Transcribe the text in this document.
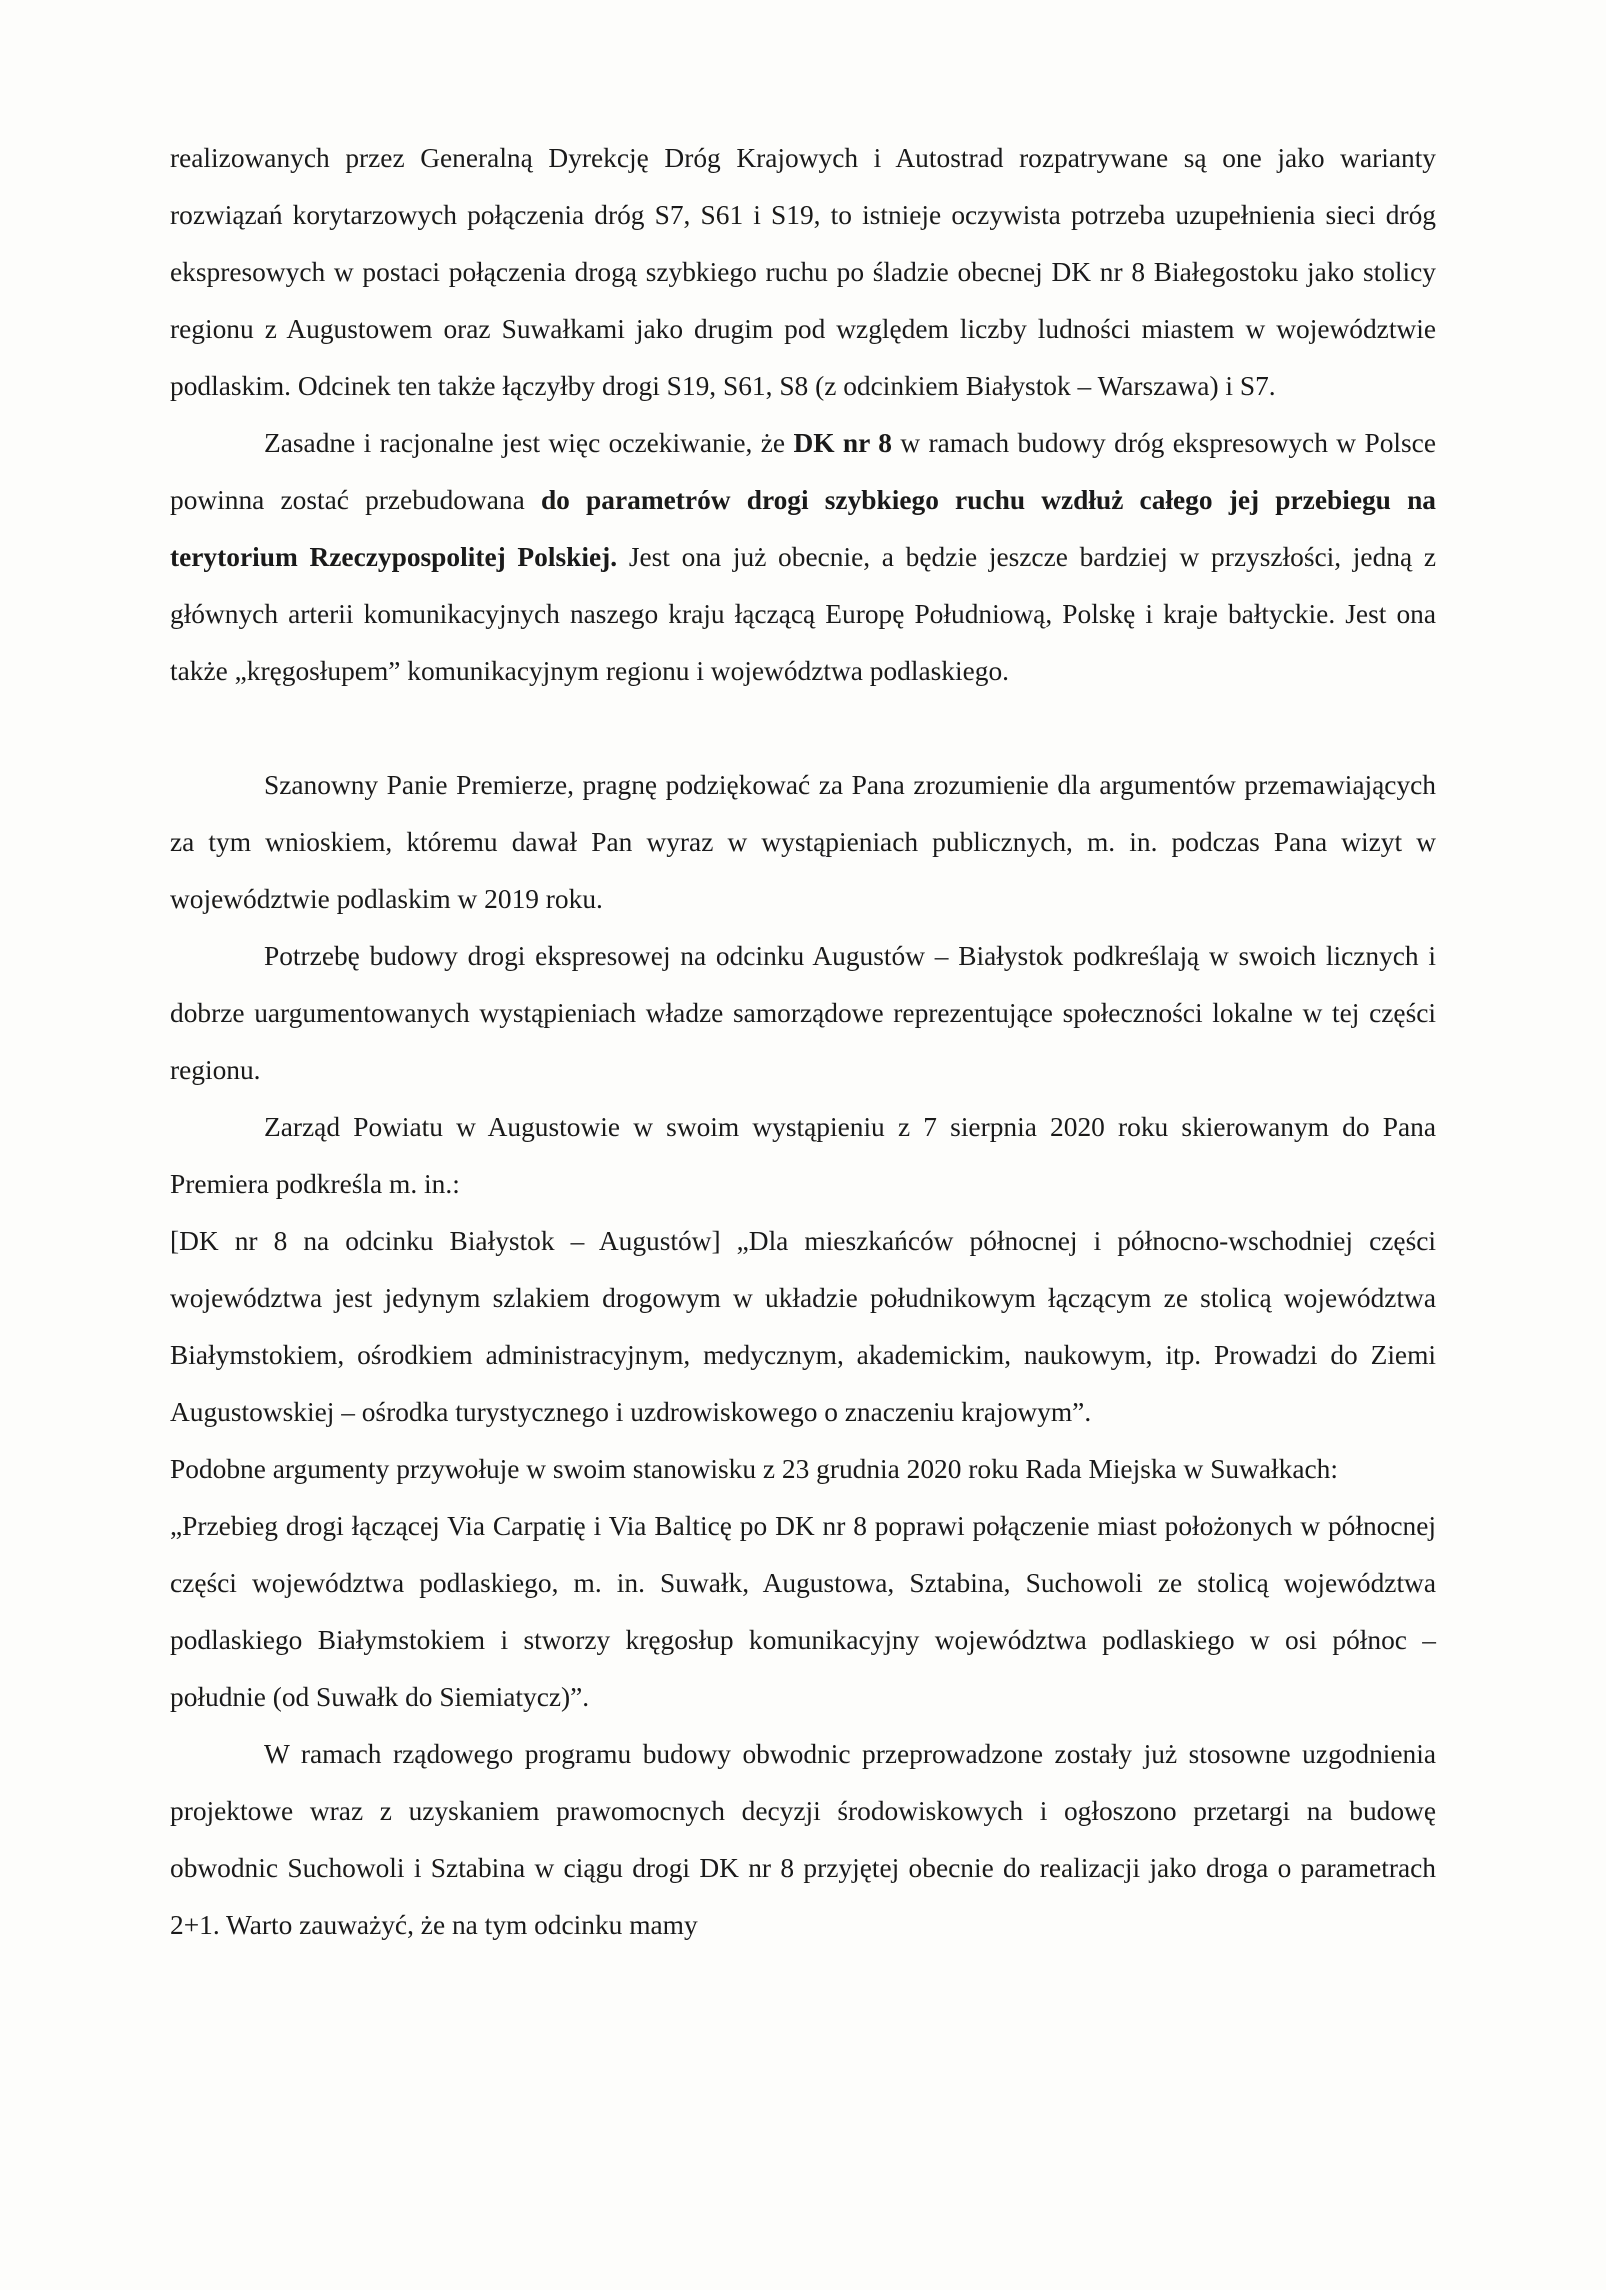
realizowanych przez Generalną Dyrekcję Dróg Krajowych i Autostrad rozpatrywane są one jako warianty rozwiązań korytarzowych połączenia dróg S7, S61 i S19, to istnieje oczywista potrzeba uzupełnienia sieci dróg ekspresowych w postaci połączenia drogą szybkiego ruchu po śladzie obecnej DK nr 8 Białegostoku jako stolicy regionu z Augustowem oraz Suwałkami jako drugim pod względem liczby ludności miastem w województwie podlaskim. Odcinek ten także łączyłby drogi S19, S61, S8 (z odcinkiem Białystok – Warszawa) i S7.

Zasadne i racjonalne jest więc oczekiwanie, że DK nr 8 w ramach budowy dróg ekspresowych w Polsce powinna zostać przebudowana do parametrów drogi szybkiego ruchu wzdłuż całego jej przebiegu na terytorium Rzeczypospolitej Polskiej. Jest ona już obecnie, a będzie jeszcze bardziej w przyszłości, jedną z głównych arterii komunikacyjnych naszego kraju łączącą Europę Południową, Polskę i kraje bałtyckie. Jest ona także „kręgosłupem” komunikacyjnym regionu i województwa podlaskiego.

Szanowny Panie Premierze, pragnę podziękować za Pana zrozumienie dla argumentów przemawiających za tym wnioskiem, któremu dawał Pan wyraz w wystąpieniach publicznych, m. in. podczas Pana wizyt w województwie podlaskim w 2019 roku.

Potrzebę budowy drogi ekspresowej na odcinku Augustów – Białystok podkreślają w swoich licznych i dobrze uargumentowanych wystąpieniach władze samorządowe reprezentujące społeczności lokalne w tej części regionu.

Zarząd Powiatu w Augustowie w swoim wystąpieniu z 7 sierpnia 2020 roku skierowanym do Pana Premiera podkreśla m. in.:

[DK nr 8 na odcinku Białystok – Augustów] „Dla mieszkańców północnej i północno-wschodniej części województwa jest jedynym szlakiem drogowym w układzie południkowym łączącym ze stolicą województwa Białymstokiem, ośrodkiem administracyjnym, medycznym, akademickim, naukowym, itp. Prowadzi do Ziemi Augustowskiej – ośrodka turystycznego i uzdrowiskowego o znaczeniu krajowym”.

Podobne argumenty przywołuje w swoim stanowisku z 23 grudnia 2020 roku Rada Miejska w Suwałkach:

„Przebieg drogi łączącej Via Carpatię i Via Balticę po DK nr 8 poprawi połączenie miast położonych w północnej części województwa podlaskiego, m. in. Suwałk, Augustowa, Sztabina, Suchowoli ze stolicą województwa podlaskiego Białymstokiem i stworzy kręgosłup komunikacyjny województwa podlaskiego w osi północ – południe (od Suwałk do Siemiatycz)”.

W ramach rządowego programu budowy obwodnic przeprowadzone zostały już stosowne uzgodnienia projektowe wraz z uzyskaniem prawomocnych decyzji środowiskowych i ogłoszono przetargi na budowę obwodnic Suchowoli i Sztabina w ciągu drogi DK nr 8 przyjętej obecnie do realizacji jako droga o parametrach 2+1. Warto zauważyć, że na tym odcinku mamy
